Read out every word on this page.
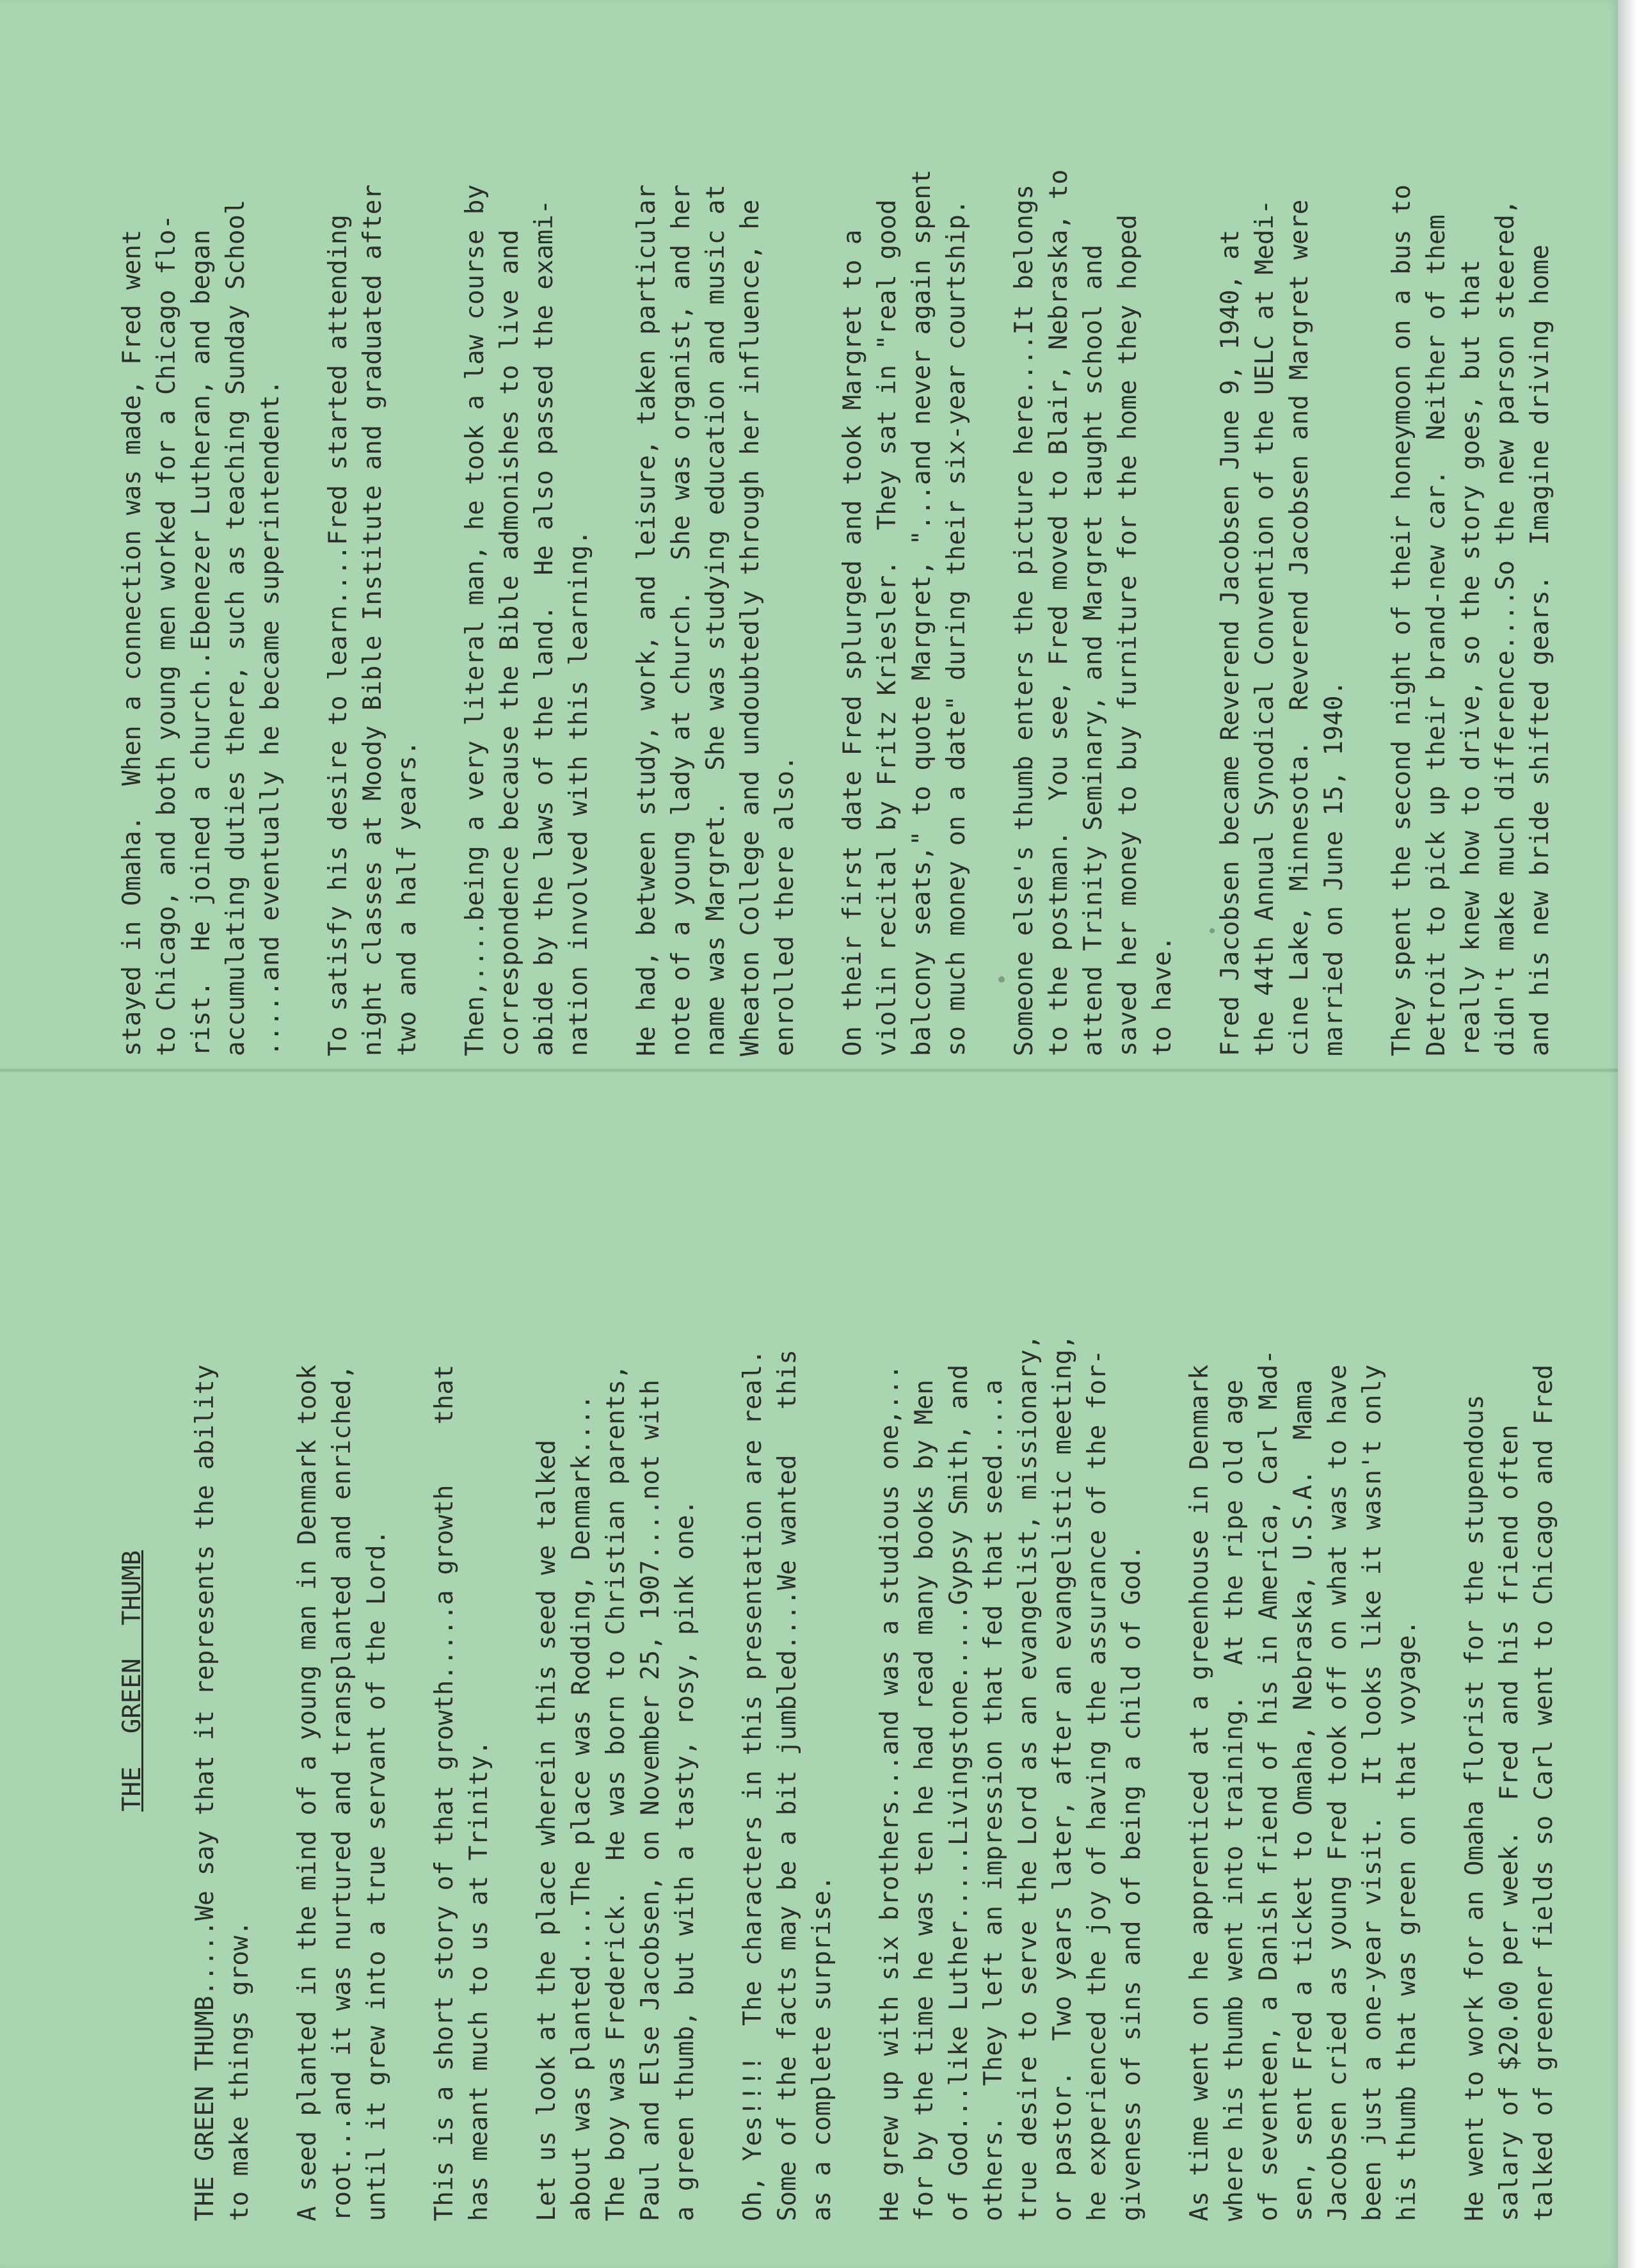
THE GREEN THUMB

THE GREEN THUMB.....We say that it represents the ability
to make things grow.

A seed planted in the mind of a young man in Denmark took
root...and it was nurtured and transplanted and enriched,
until it grew into a true servant of the Lord.

This is a short story of that growth.....a growth    that
has meant much to us at Trinity.

Let us look at the place wherein this seed we talked
about was planted....The place was Rodding, Denmark....
The boy was Frederick.  He was born to Christian parents,
Paul and Else Jacobsen, on November 25, 1907....not with
a green thumb, but with a tasty, rosy, pink one.

Oh, Yes!!!!  The characters in this presentation are real.
Some of the facts may be a bit jumbled....We wanted   this
as a complete surprise.

He grew up with six brothers...and was a studious one,...
for by the time he was ten he had read many books by Men
of God...like Luther.....Livingstone.....Gypsy Smith, and
others.  They left an impression that fed that seed....a
true desire to serve the Lord as an evangelist, missionary,
or pastor.  Two years later, after an evangelistic meeting,
he experienced the joy of having the assurance of the for-
giveness of sins and of being a child of God.

As time went on he apprenticed at a greenhouse in Denmark
where his thumb went into training.  At the ripe old age
of seventeen, a Danish friend of his in America, Carl Mad-
sen, sent Fred a ticket to Omaha, Nebraska, U.S.A.  Mama
Jacobsen cried as young Fred took off on what was to have
been just a one-year visit.  It looks like it wasn't only
his thumb that was green on that voyage.

He went to work for an Omaha florist for the stupendous
salary of $20.00 per week.  Fred and his friend often
talked of greener fields so Carl went to Chicago and Fred

stayed in Omaha.  When a connection was made, Fred went
to Chicago, and both young men worked for a Chicago flo-
rist.  He joined a church..Ebenezer Lutheran, and began
accumulating duties there, such as teaching Sunday School
.....and eventually he became superintendent.

To satisfy his desire to learn....Fred started attending
night classes at Moody Bible Institute and graduated after
two and a half years.

Then,....being a very literal man, he took a law course by
correspondence because the Bible admonishes to live and
abide by the laws of the land.  He also passed the exami-
nation involved with this learning.

He had, between study, work, and leisure, taken particular
note of a young lady at church.  She was organist, and her
name was Margret.  She was studying education and music at
Wheaton College and undoubtedly through her influence, he
enrolled there also.

On their first date Fred splurged and took Margret to a
violin recital by Fritz Kriesler.  They sat in "real good
balcony seats," to quote Margret, "...and never again spent
so much money on a date" during their six-year courtship.

Someone else's thumb enters the picture here....It belongs
to the postman.  You see, Fred moved to Blair, Nebraska, to
attend Trinity Seminary, and Margret taught school and
saved her money to buy furniture for the home they hoped
to have.

Fred Jacobsen became Reverend Jacobsen June 9, 1940, at
the 44th Annual Synodical Convention of the UELC at Medi-
cine Lake, Minnesota.  Reverend Jacobsen and Margret were
married on June 15, 1940.

They spent the second night of their honeymoon on a bus to
Detroit to pick up their brand-new car.  Neither of them
really knew how to drive, so the story goes, but that
didn't make much difference....So the new parson steered,
and his new bride shifted gears.  Imagine driving home
